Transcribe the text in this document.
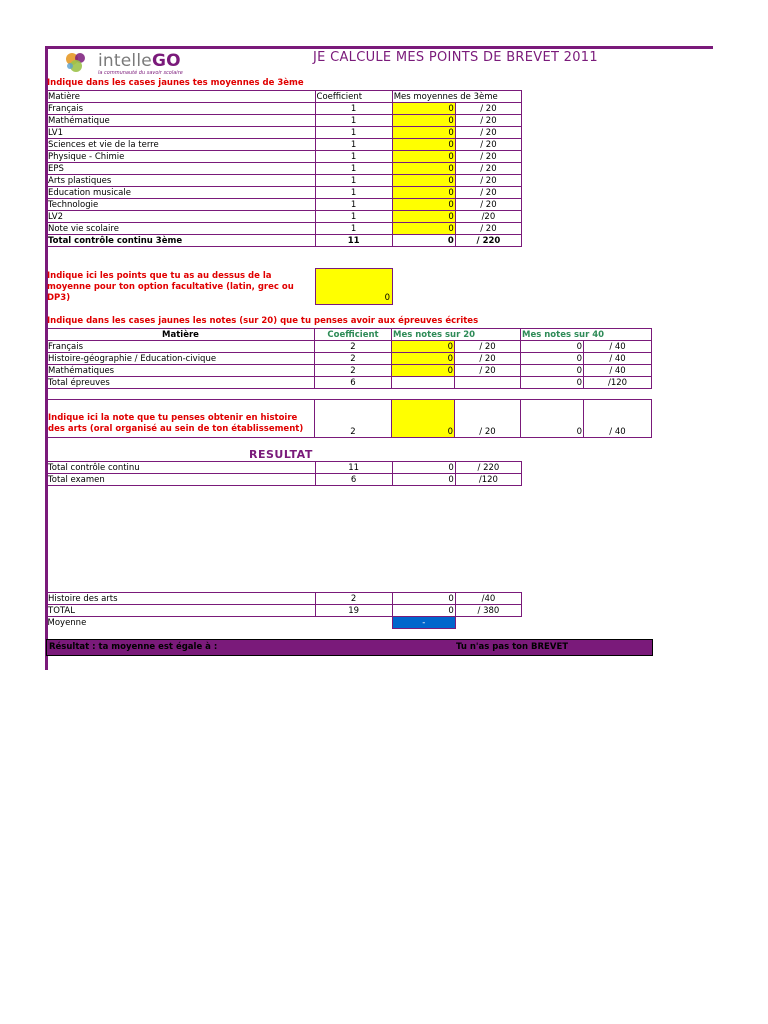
intelleGO
la communauté du savoir scolaire
JE CALCULE MES POINTS DE BREVET 2011
Indique dans les cases jaunes tes moyennes de 3ème
Matière	Coefficient	Mes moyennes de 3ème	
Français	1	0	/ 20
Mathématique	1	0	/ 20
LV1	1	0	/ 20
Sciences et vie de la terre	1	0	/ 20
Physique - Chimie	1	0	/ 20
EPS	1	0	/ 20
Arts plastiques	1	0	/ 20
Education musicale	1	0	/ 20
Technologie	1	0	/ 20
LV2	1	0	/20
Note vie scolaire	1	0	/ 20
Total contrôle continu 3ème	11	0	/ 220
Indique ici les points que tu as au dessus de la moyenne pour ton option facultative (latin, grec ou DP3)	0
Indique dans les cases jaunes les notes (sur 20) que tu penses avoir aux épreuves écrites
Matière	Coefficient	Mes notes sur 20		Mes notes sur 40	
Français	2	0	/ 20	0	/ 40
Histoire-géographie / Education-civique	2	0	/ 20	0	/ 40
Mathématiques	2	0	/ 20	0	/ 40
Total épreuves	6			0	/120
Indique ici la note que tu penses obtenir en histoire
des arts (oral organisé au sein de ton établissement)	2	0	/ 20	0	/ 40
RESULTAT
Total contrôle continu	11	0	/ 220
Total examen	6	0	/120
Histoire des arts	2	0	/40
TOTAL	19	0	/ 380
Moyenne		-	
Résultat : ta moyenne est égale à :	Tu n'as pas ton BREVET
